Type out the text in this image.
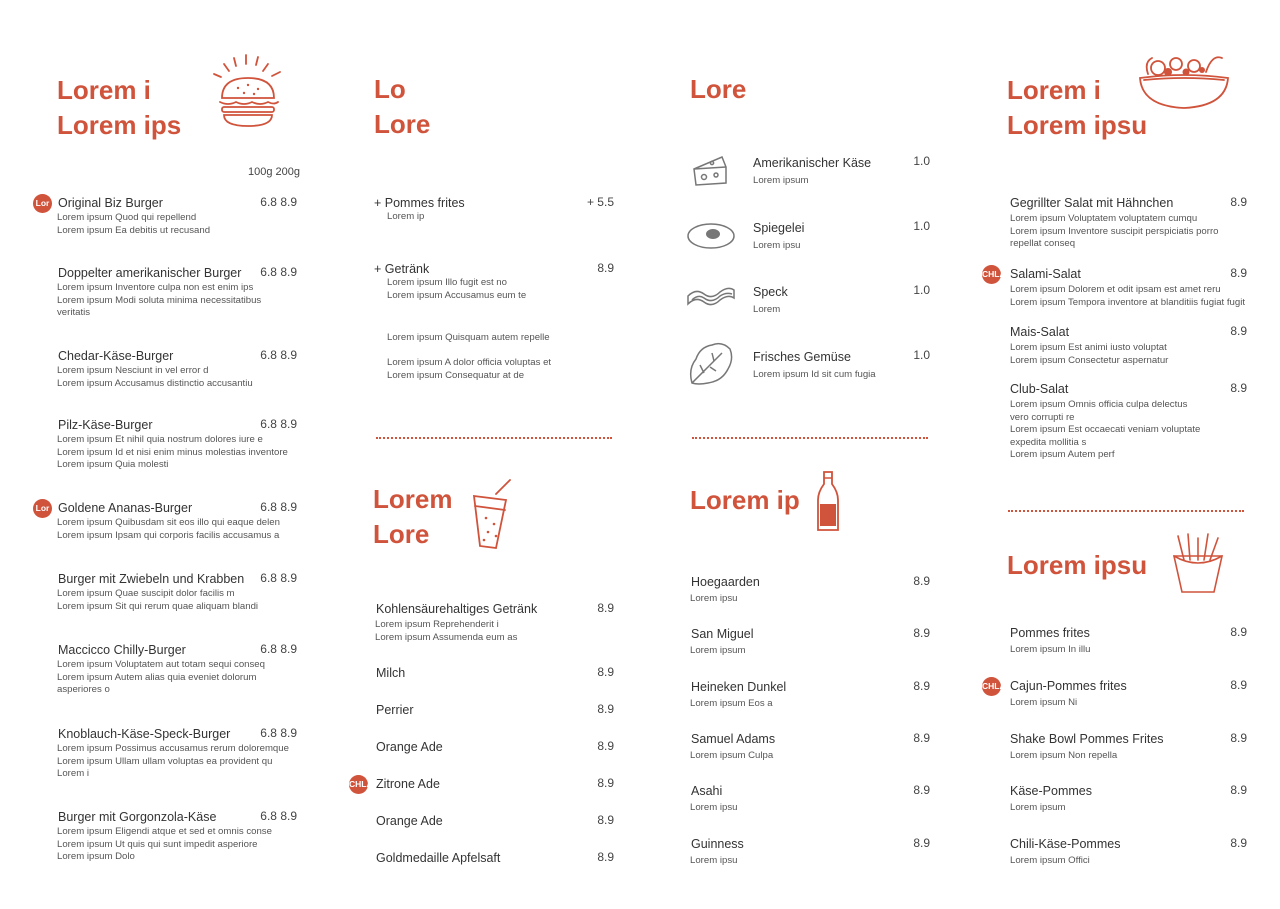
Lorem i
Lorem ips
100g 200g
Original Biz Burger	6.8 8.9
Lor
Lorem ipsum Quod qui repellend
Lorem ipsum Ea debitis ut recusand
Doppelter amerikanischer Burger	6.8 8.9
Lorem ipsum Inventore culpa non est enim ips
Lorem ipsum Modi soluta minima necessitatibus
veritatis
Chedar-Käse-Burger	6.8 8.9
Lorem ipsum Nesciunt in vel error d
Lorem ipsum Accusamus distinctio accusantiu
Pilz-Käse-Burger	6.8 8.9
Lorem ipsum Et nihil quia nostrum dolores iure e
Lorem ipsum Id et nisi enim minus molestias inventore
Lorem ipsum Quia molesti
Goldene Ananas-Burger	6.8 8.9
Lor
Lorem ipsum Quibusdam sit eos illo qui eaque delen
Lorem ipsum Ipsam qui corporis facilis accusamus a
Burger mit Zwiebeln und Krabben	6.8 8.9
Lorem ipsum Quae suscipit dolor facilis m
Lorem ipsum Sit qui rerum quae aliquam blandi
Maccicco Chilly-Burger	6.8 8.9
Lorem ipsum Voluptatem aut totam sequi conseq
Lorem ipsum Autem alias quia eveniet dolorum
asperiores o
Knoblauch-Käse-Speck-Burger	6.8 8.9
Lorem ipsum Possimus accusamus rerum doloremque
Lorem ipsum Ullam ullam voluptas ea provident qu
Lorem i
Burger mit Gorgonzola-Käse	6.8 8.9
Lorem ipsum Eligendi atque et sed et omnis conse
Lorem ipsum Ut quis qui sunt impedit asperiore
Lorem ipsum Dolo
Lo
Lore
+ Pommes frites	+ 5.5
Lorem ip
+ Getränk	8.9
Lorem ipsum Illo fugit est no
Lorem ipsum Accusamus eum te
Lorem ipsum Quisquam autem repelle
Lorem ipsum A dolor officia voluptas et
Lorem ipsum Consequatur at de
Lorem
Lore
Kohlensäurehaltiges Getränk	8.9
Lorem ipsum Reprehenderit i
Lorem ipsum Assumenda eum as
Milch	8.9
Perrier	8.9
Orange Ade	8.9
Zitrone Ade	8.9
CHLA
Orange Ade	8.9
Goldmedaille Apfelsaft	8.9
Lore
Amerikanischer Käse	1.0
Lorem ipsum
Spiegelei	1.0
Lorem ipsu
Speck	1.0
Lorem
Frisches Gemüse	1.0
Lorem ipsum Id sit cum fugia
Lorem ip
Hoegaarden	8.9
Lorem ipsu
San Miguel	8.9
Lorem ipsum
Heineken Dunkel	8.9
Lorem ipsum Eos a
Samuel Adams	8.9
Lorem ipsum Culpa
Asahi	8.9
Lorem ipsu
Guinness	8.9
Lorem ipsu
Lorem i
Lorem ipsu
Gegrillter Salat mit Hähnchen	8.9
Lorem ipsum Voluptatem voluptatem cumqu
Lorem ipsum Inventore suscipit perspiciatis porro
repellat conseq
Salami-Salat	8.9
CHLA
Lorem ipsum Dolorem et odit ipsam est amet reru
Lorem ipsum Tempora inventore at blanditiis fugiat fugit
Mais-Salat	8.9
Lorem ipsum Est animi iusto voluptat
Lorem ipsum Consectetur aspernatur
Club-Salat	8.9
Lorem ipsum Omnis officia culpa delectus
vero corrupti re
Lorem ipsum Est occaecati veniam voluptate
expedita mollitia s
Lorem ipsum Autem perf
Lorem ipsu
Pommes frites	8.9
Lorem ipsum In illu
Cajun-Pommes frites	8.9
CHLA
Lorem ipsum Ni
Shake Bowl Pommes Frites	8.9
Lorem ipsum Non repella
Käse-Pommes	8.9
Lorem ipsum
Chili-Käse-Pommes	8.9
Lorem ipsum Offici
